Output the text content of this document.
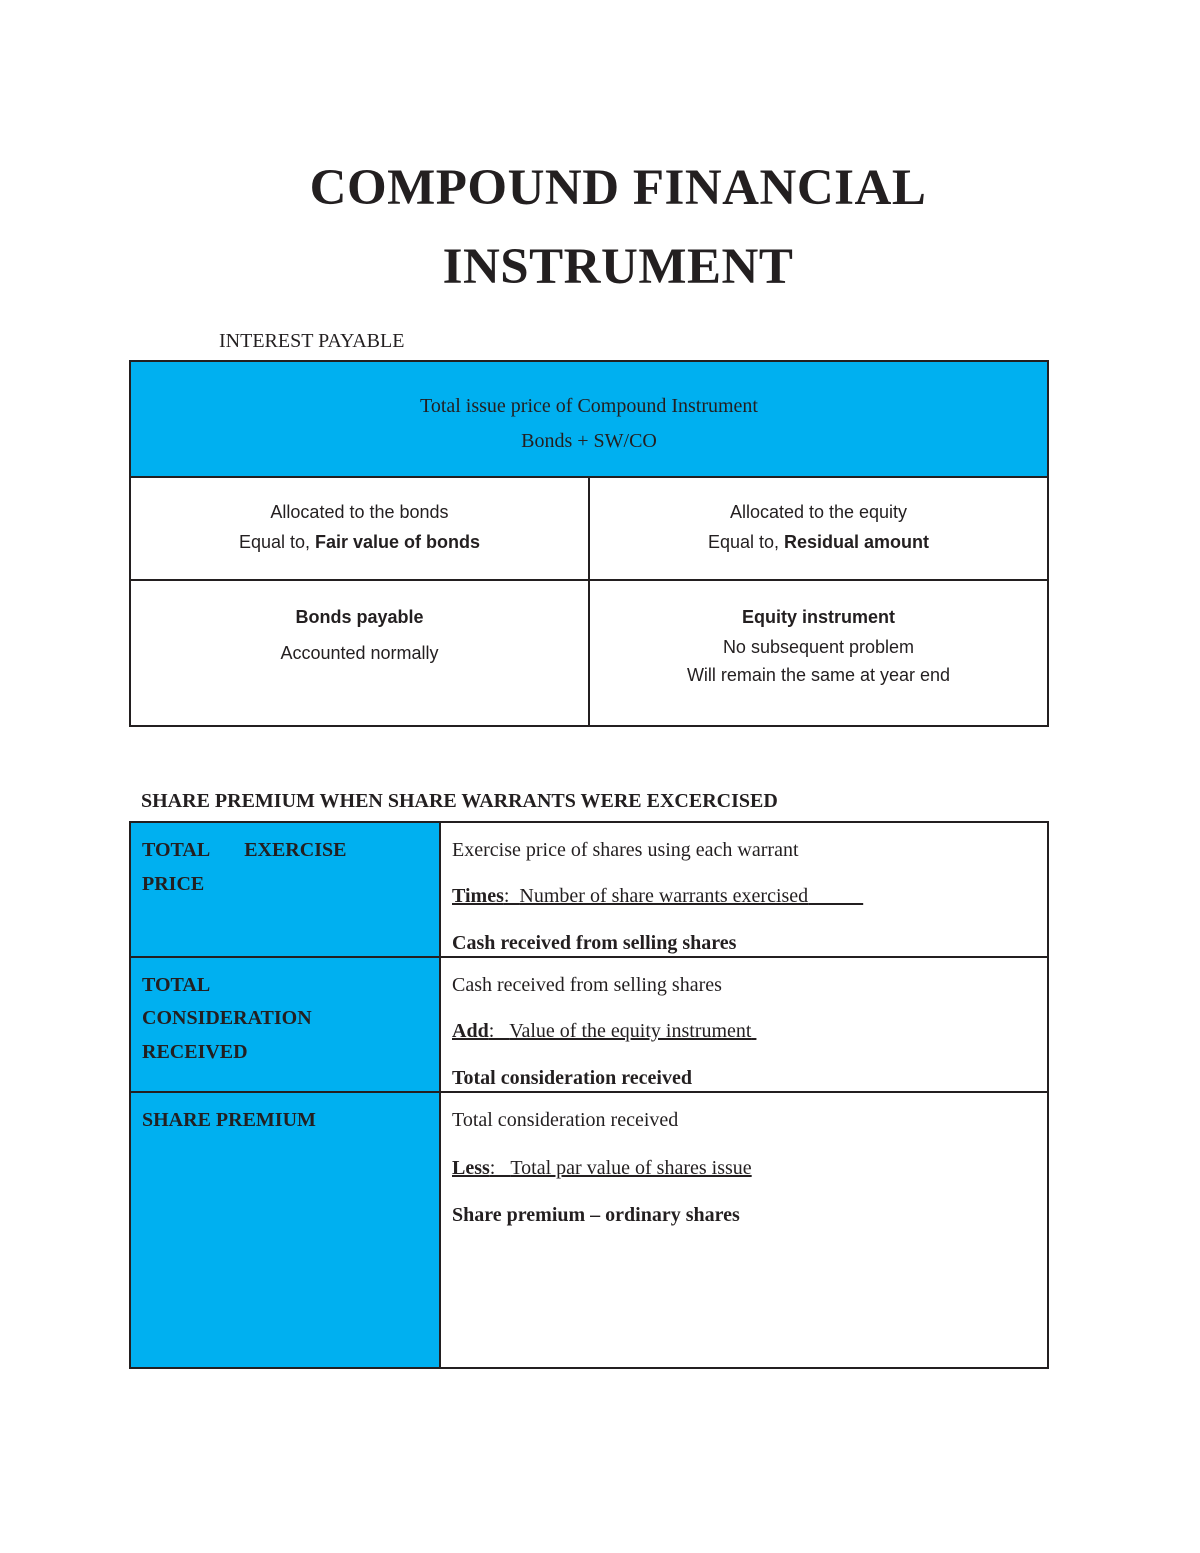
COMPOUND FINANCIAL
INSTRUMENT
INTEREST PAYABLE
Total issue price of Compound Instrument
Bonds + SW/CO
Allocated to the bonds
Equal to, Fair value of bonds
Allocated to the equity
Equal to, Residual amount
Bonds payable
Accounted normally
Equity instrument
No subsequent problem
Will remain the same at year end
SHARE PREMIUM WHEN SHARE WARRANTS WERE EXCERCISED
TOTAL EXERCISE
PRICE
Exercise price of shares using each warrant
Times:  Number of share warrants exercised
Cash received from selling shares
TOTAL
CONSIDERATION
RECEIVED
Cash received from selling shares
Add:   Value of the equity instrument
Total consideration received
SHARE PREMIUM	Total consideration received
Less:   Total par value of shares issue
Share premium – ordinary shares
